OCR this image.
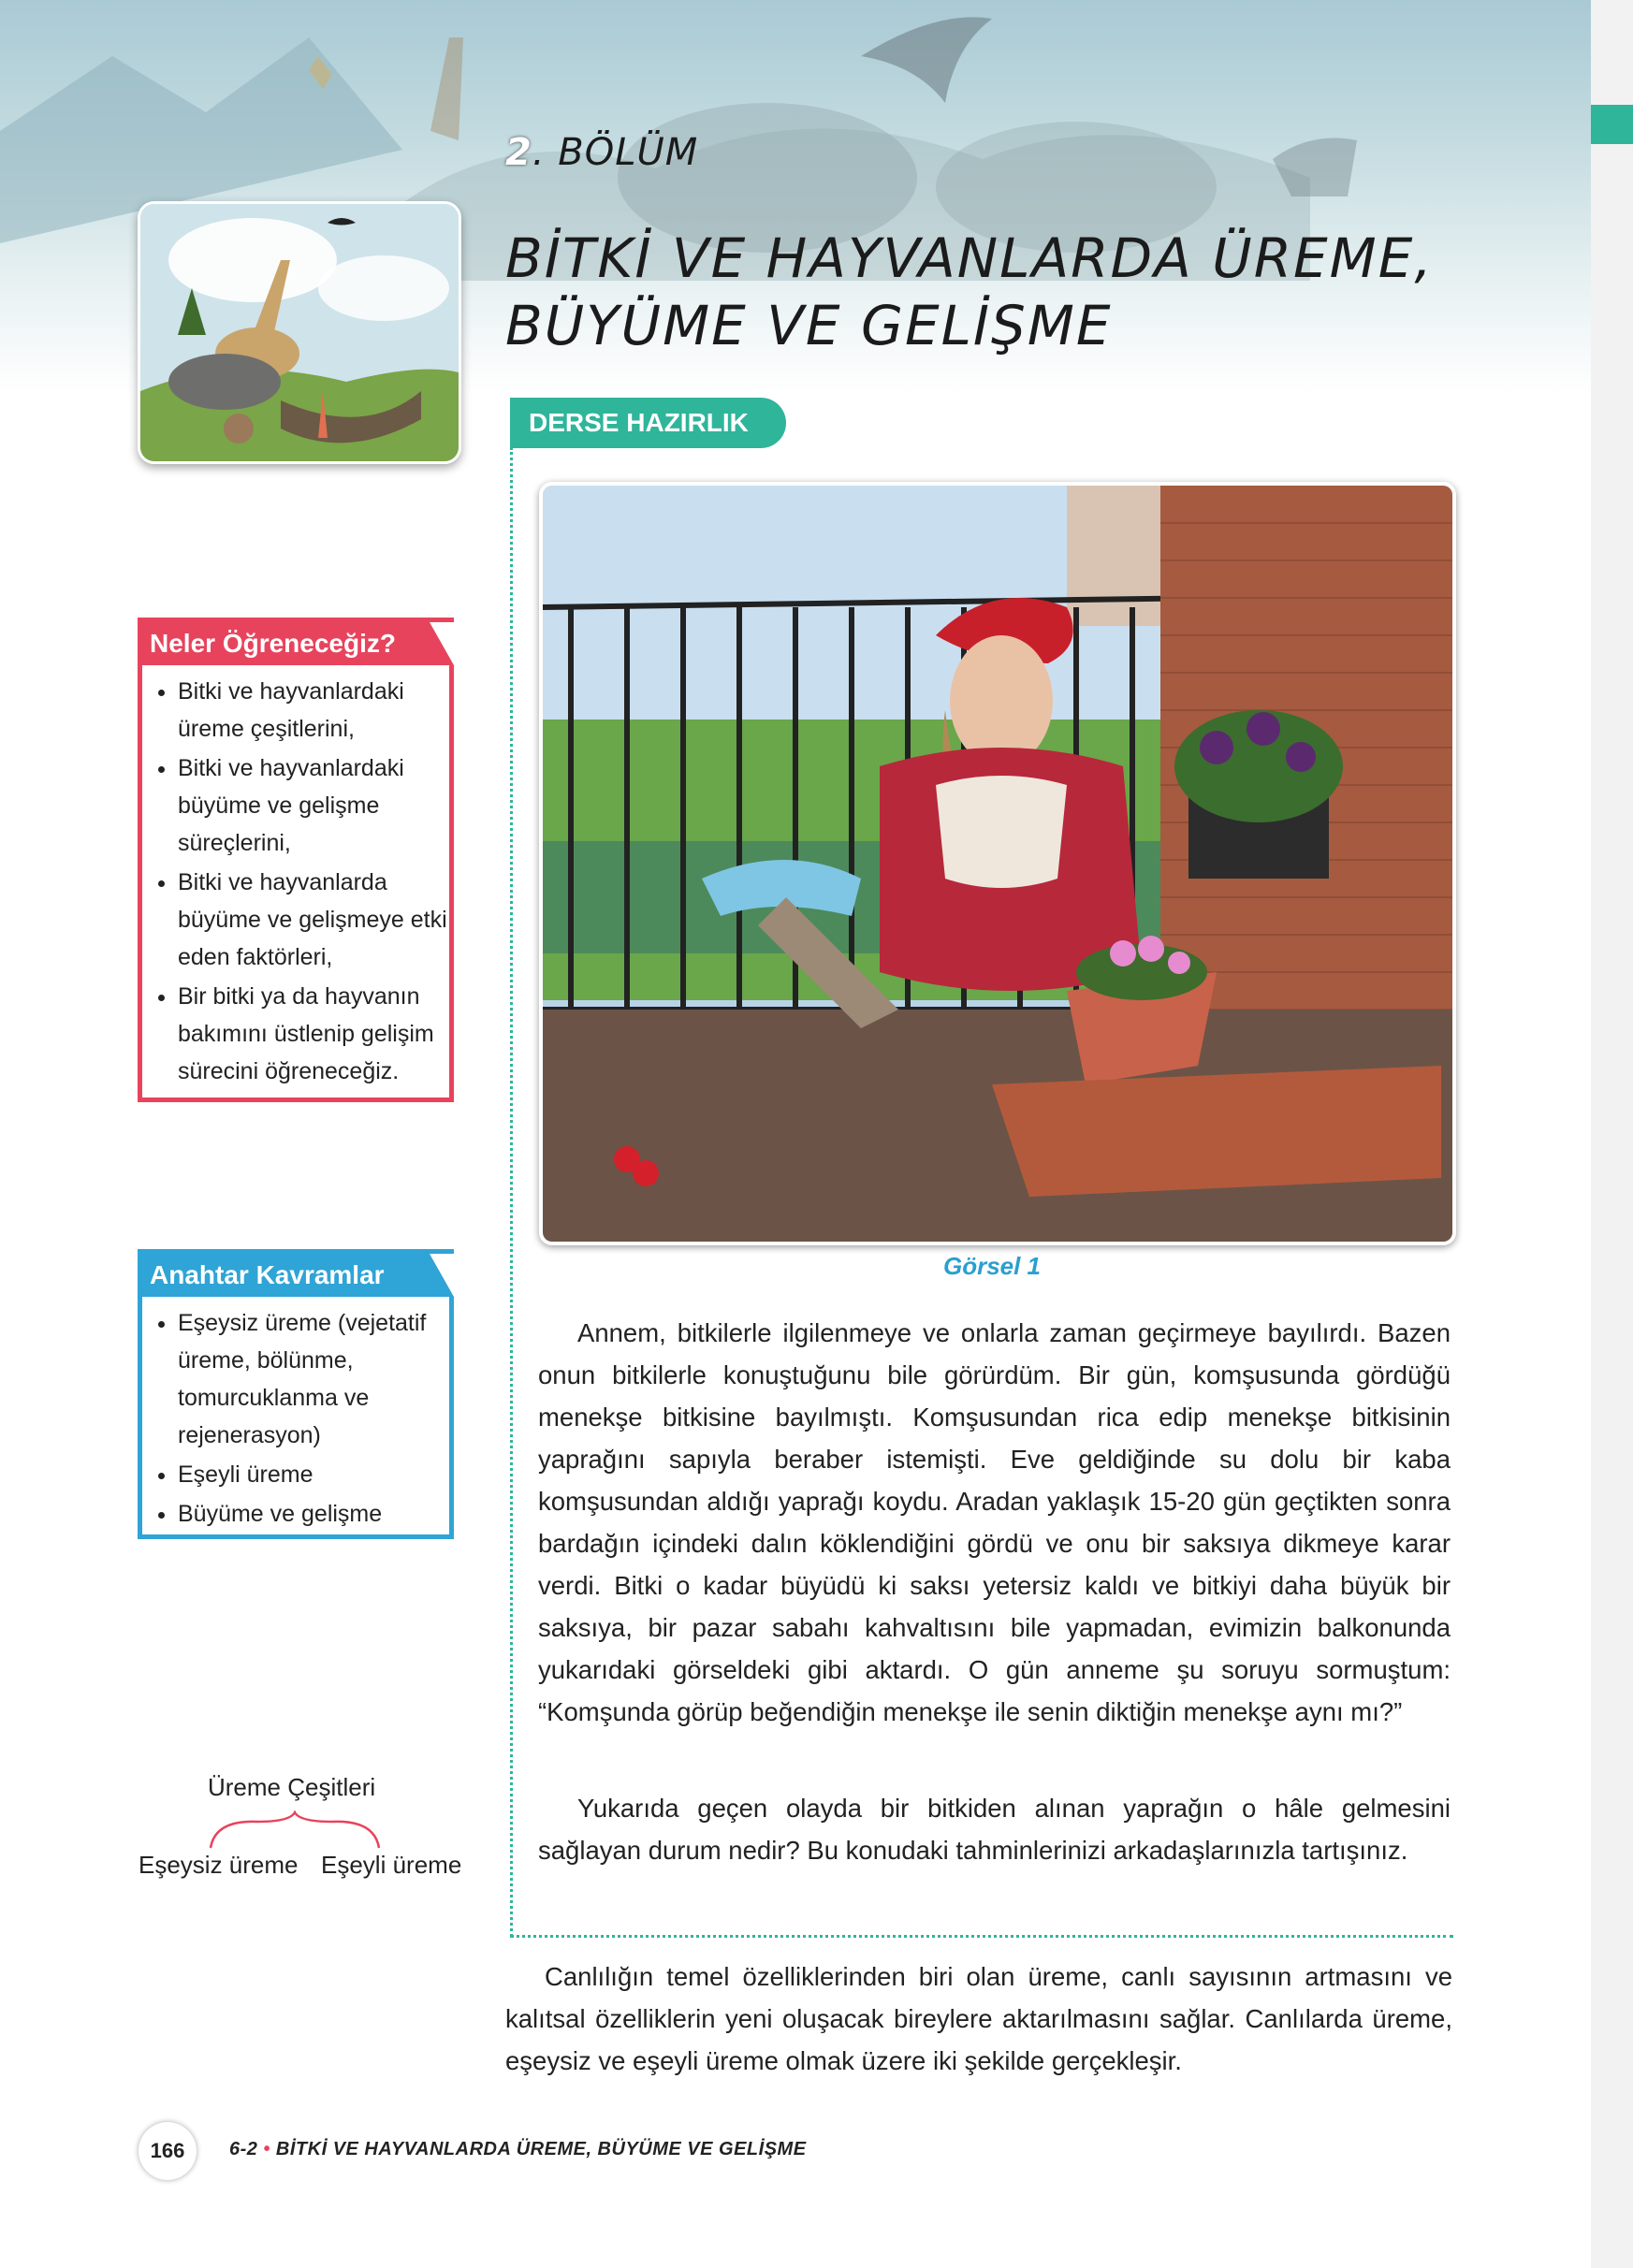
2. BÖLÜM
BİTKİ VE HAYVANLARDA ÜREME,
BÜYÜME VE GELİŞME
DERSE HAZIRLIK
Görsel 1
Annem, bitkilerle ilgilenmeye ve onlarla zaman geçirmeye bayılırdı. Bazen onun bitkilerle konuştuğunu bile görürdüm. Bir gün, komşusunda gördüğü menekşe bitkisine bayılmıştı. Komşusundan rica edip menekşe bitkisinin yaprağını sapıyla beraber istemişti. Eve geldiğinde su dolu bir kaba komşusundan aldığı yaprağı koydu. Aradan yaklaşık 15-20 gün geçtikten sonra bardağın içindeki dalın köklendiğini gördü ve onu bir saksıya dikmeye karar verdi. Bitki o kadar büyüdü ki saksı yetersiz kaldı ve bitkiyi daha büyük bir saksıya, bir pazar sabahı kahvaltısını bile yapmadan, evimizin balkonunda yukarıdaki görseldeki gibi aktardı. O gün anneme şu soruyu sormuştum: “Komşunda görüp beğendiğin menekşe ile senin diktiğin menekşe aynı mı?”
Yukarıda geçen olayda bir bitkiden alınan yaprağın o hâle gelmesini sağlayan durum nedir? Bu konudaki tahminlerinizi arkadaşlarınızla tartışınız.
Canlılığın temel özelliklerinden biri olan üreme, canlı sayısının artmasını ve kalıtsal özelliklerin yeni oluşacak bireylere aktarılmasını sağlar. Canlılarda üreme, eşeysiz ve eşeyli üreme olmak üzere iki şekilde gerçekleşir.
Neler Öğreneceğiz?
• Bitki ve hayvanlardaki üreme çeşitlerini,
• Bitki ve hayvanlardaki büyüme ve gelişme süreçlerini,
• Bitki ve hayvanlarda büyüme ve gelişmeye etki eden faktörleri,
• Bir bitki ya da hayvanın bakımını üstlenip gelişim sürecini öğreneceğiz.
Anahtar Kavramlar
• Eşeysiz üreme (vejetatif üreme, bölünme, tomurcuklanma ve rejenerasyon)
• Eşeyli üreme
• Büyüme ve gelişme
Üreme Çeşitleri
Eşeysiz üreme Eşeyli üreme
166	6-2 • BİTKİ VE HAYVANLARDA ÜREME, BÜYÜME VE GELİŞME
